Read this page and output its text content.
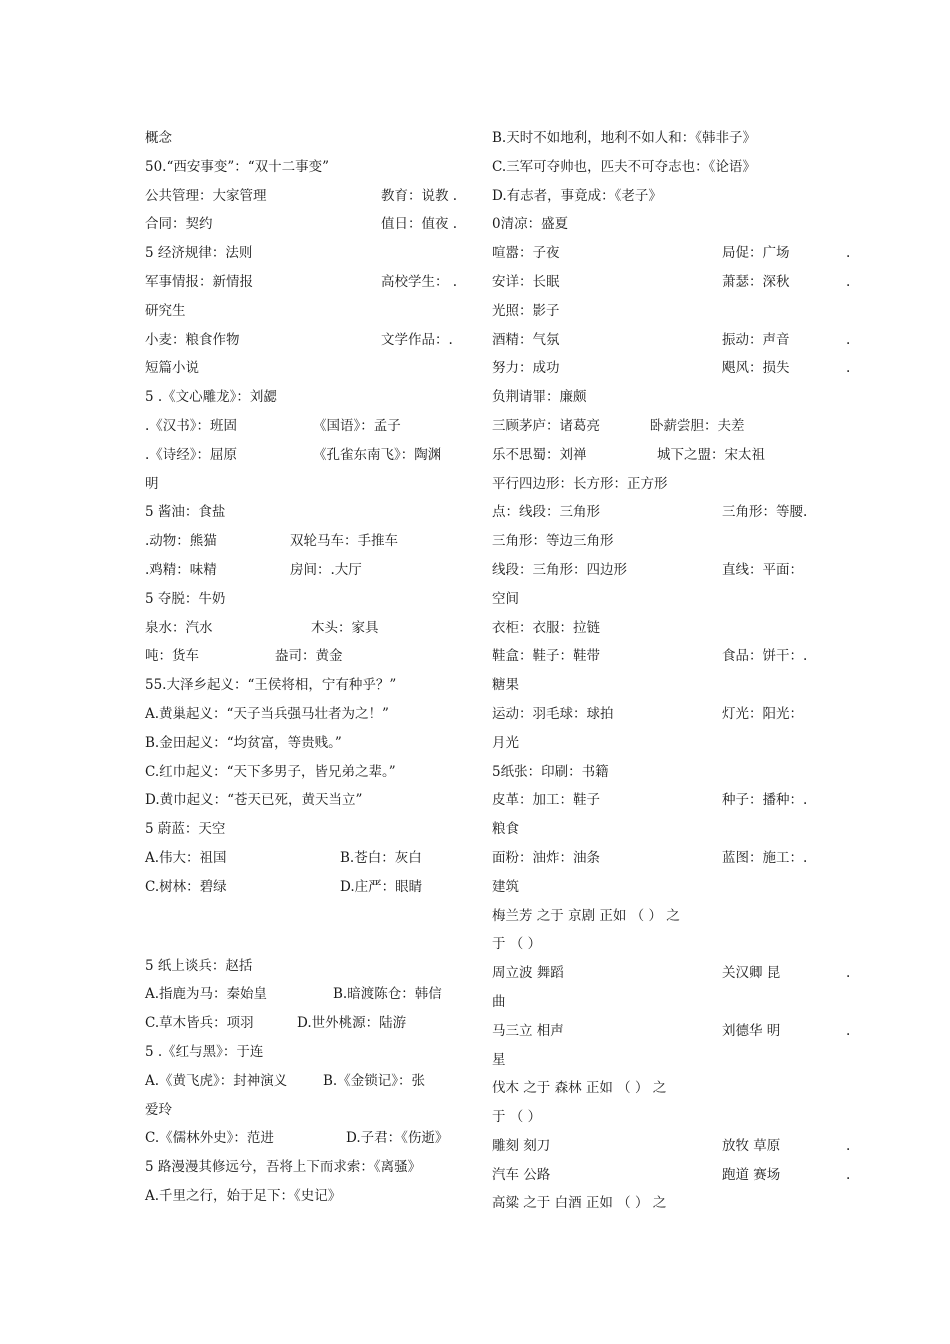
概念
50.“西安事变”：“双十二事变”
公共管理：大家管理	教育：说教 .
合同：契约	值日：值夜 .
5 经济规律：法则
军事情报：新情报	高校学生： .
研究生
小麦：粮食作物	文学作品：.
短篇小说
5 .《文心雕龙》：刘勰
.《汉书》：班固	《国语》：孟子
.《诗经》：屈原	《孔雀东南飞》：陶渊
明
5 酱油：食盐
.动物：熊猫	双轮马车：手推车
.鸡精：味精	房间：.大厅
5 夺脱：牛奶
泉水：汽水	木头：家具
吨：货车	盎司：黄金
55.大泽乡起义：“王侯将相，宁有种乎？”
A.黄巢起义：“天子当兵强马壮者为之！”
B.金田起义：“均贫富，等贵贱。”
C.红巾起义：“天下多男子，皆兄弟之辈。”
D.黄巾起义：“苍天已死，黄天当立”
5 蔚蓝：天空
A.伟大：祖国	B.苍白：灰白
C.树林：碧绿	D.庄严：眼睛
5 纸上谈兵：赵括
A.指鹿为马：秦始皇	B.暗渡陈仓：韩信
C.草木皆兵：项羽	D.世外桃源：陆游
5 .《红与黑》：于连
A.《黄飞虎》：封神演义	B.《金锁记》：张
爱玲
C.《儒林外史》：范进	D.子君：《伤逝》
5 路漫漫其修远兮，吾将上下而求索：《离骚》
A.千里之行，始于足下：《史记》
B.天时不如地利，地利不如人和：《韩非子》
C.三军可夺帅也，匹夫不可夺志也：《论语》
D.有志者，事竟成：《老子》
0清凉：盛夏
喧嚣：子夜	局促：广场	.
安详：长眠	萧瑟：深秋	.
光照：影子
酒精：气氛	振动：声音	.
努力：成功	飓风：损失	.
负荆请罪：廉颇
三顾茅庐：诸葛亮	卧薪尝胆：夫差
乐不思蜀：刘禅	城下之盟：宋太祖
平行四边形：长方形：正方形
点：线段：三角形	三角形：等腰.
三角形：等边三角形
线段：三角形：四边形	直线：平面：
空间
衣柜：衣服：拉链
鞋盒：鞋子：鞋带	食品：饼干：.
糖果
运动：羽毛球：球拍	灯光：阳光：
月光
5纸张：印刷：书籍
皮革：加工：鞋子	种子：播种：.
粮食
面粉：油炸：油条	蓝图：施工：.
建筑
梅兰芳 之于 京剧 正如 （ ） 之
于 （ ）
周立波 舞蹈	关汉卿 昆	.
曲
马三立 相声	刘德华 明	.
星
伐木 之于 森林 正如 （ ） 之
于 （ ）
雕刻 刻刀	放牧 草原	.
汽车 公路	跑道 赛场	.
高粱 之于 白酒 正如 （ ） 之
